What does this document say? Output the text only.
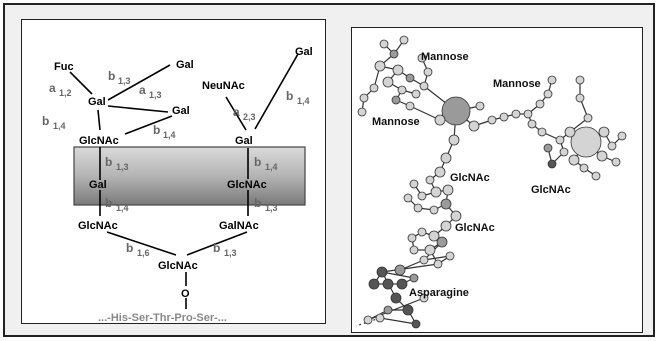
Fuc	Gal
Gal
Gal
Gal
NeuNAc
GlcNAc	Gal
Gal	GlcNAc
GlcNAc	GalNAc
GlcNAc
O
a 1,2
b 1,3
a 1,3
b 1,4	b 1,4
a 2,3
b 1,4
b 1,3	b 1,4
b 1,4	b 1,3
b 1,6	b 1,3
...-His-Ser-Thr-Pro-Ser-...
Mannose
Mannose
Mannose
GlcNAc
GlcNAc
GlcNAc
Asparagine
